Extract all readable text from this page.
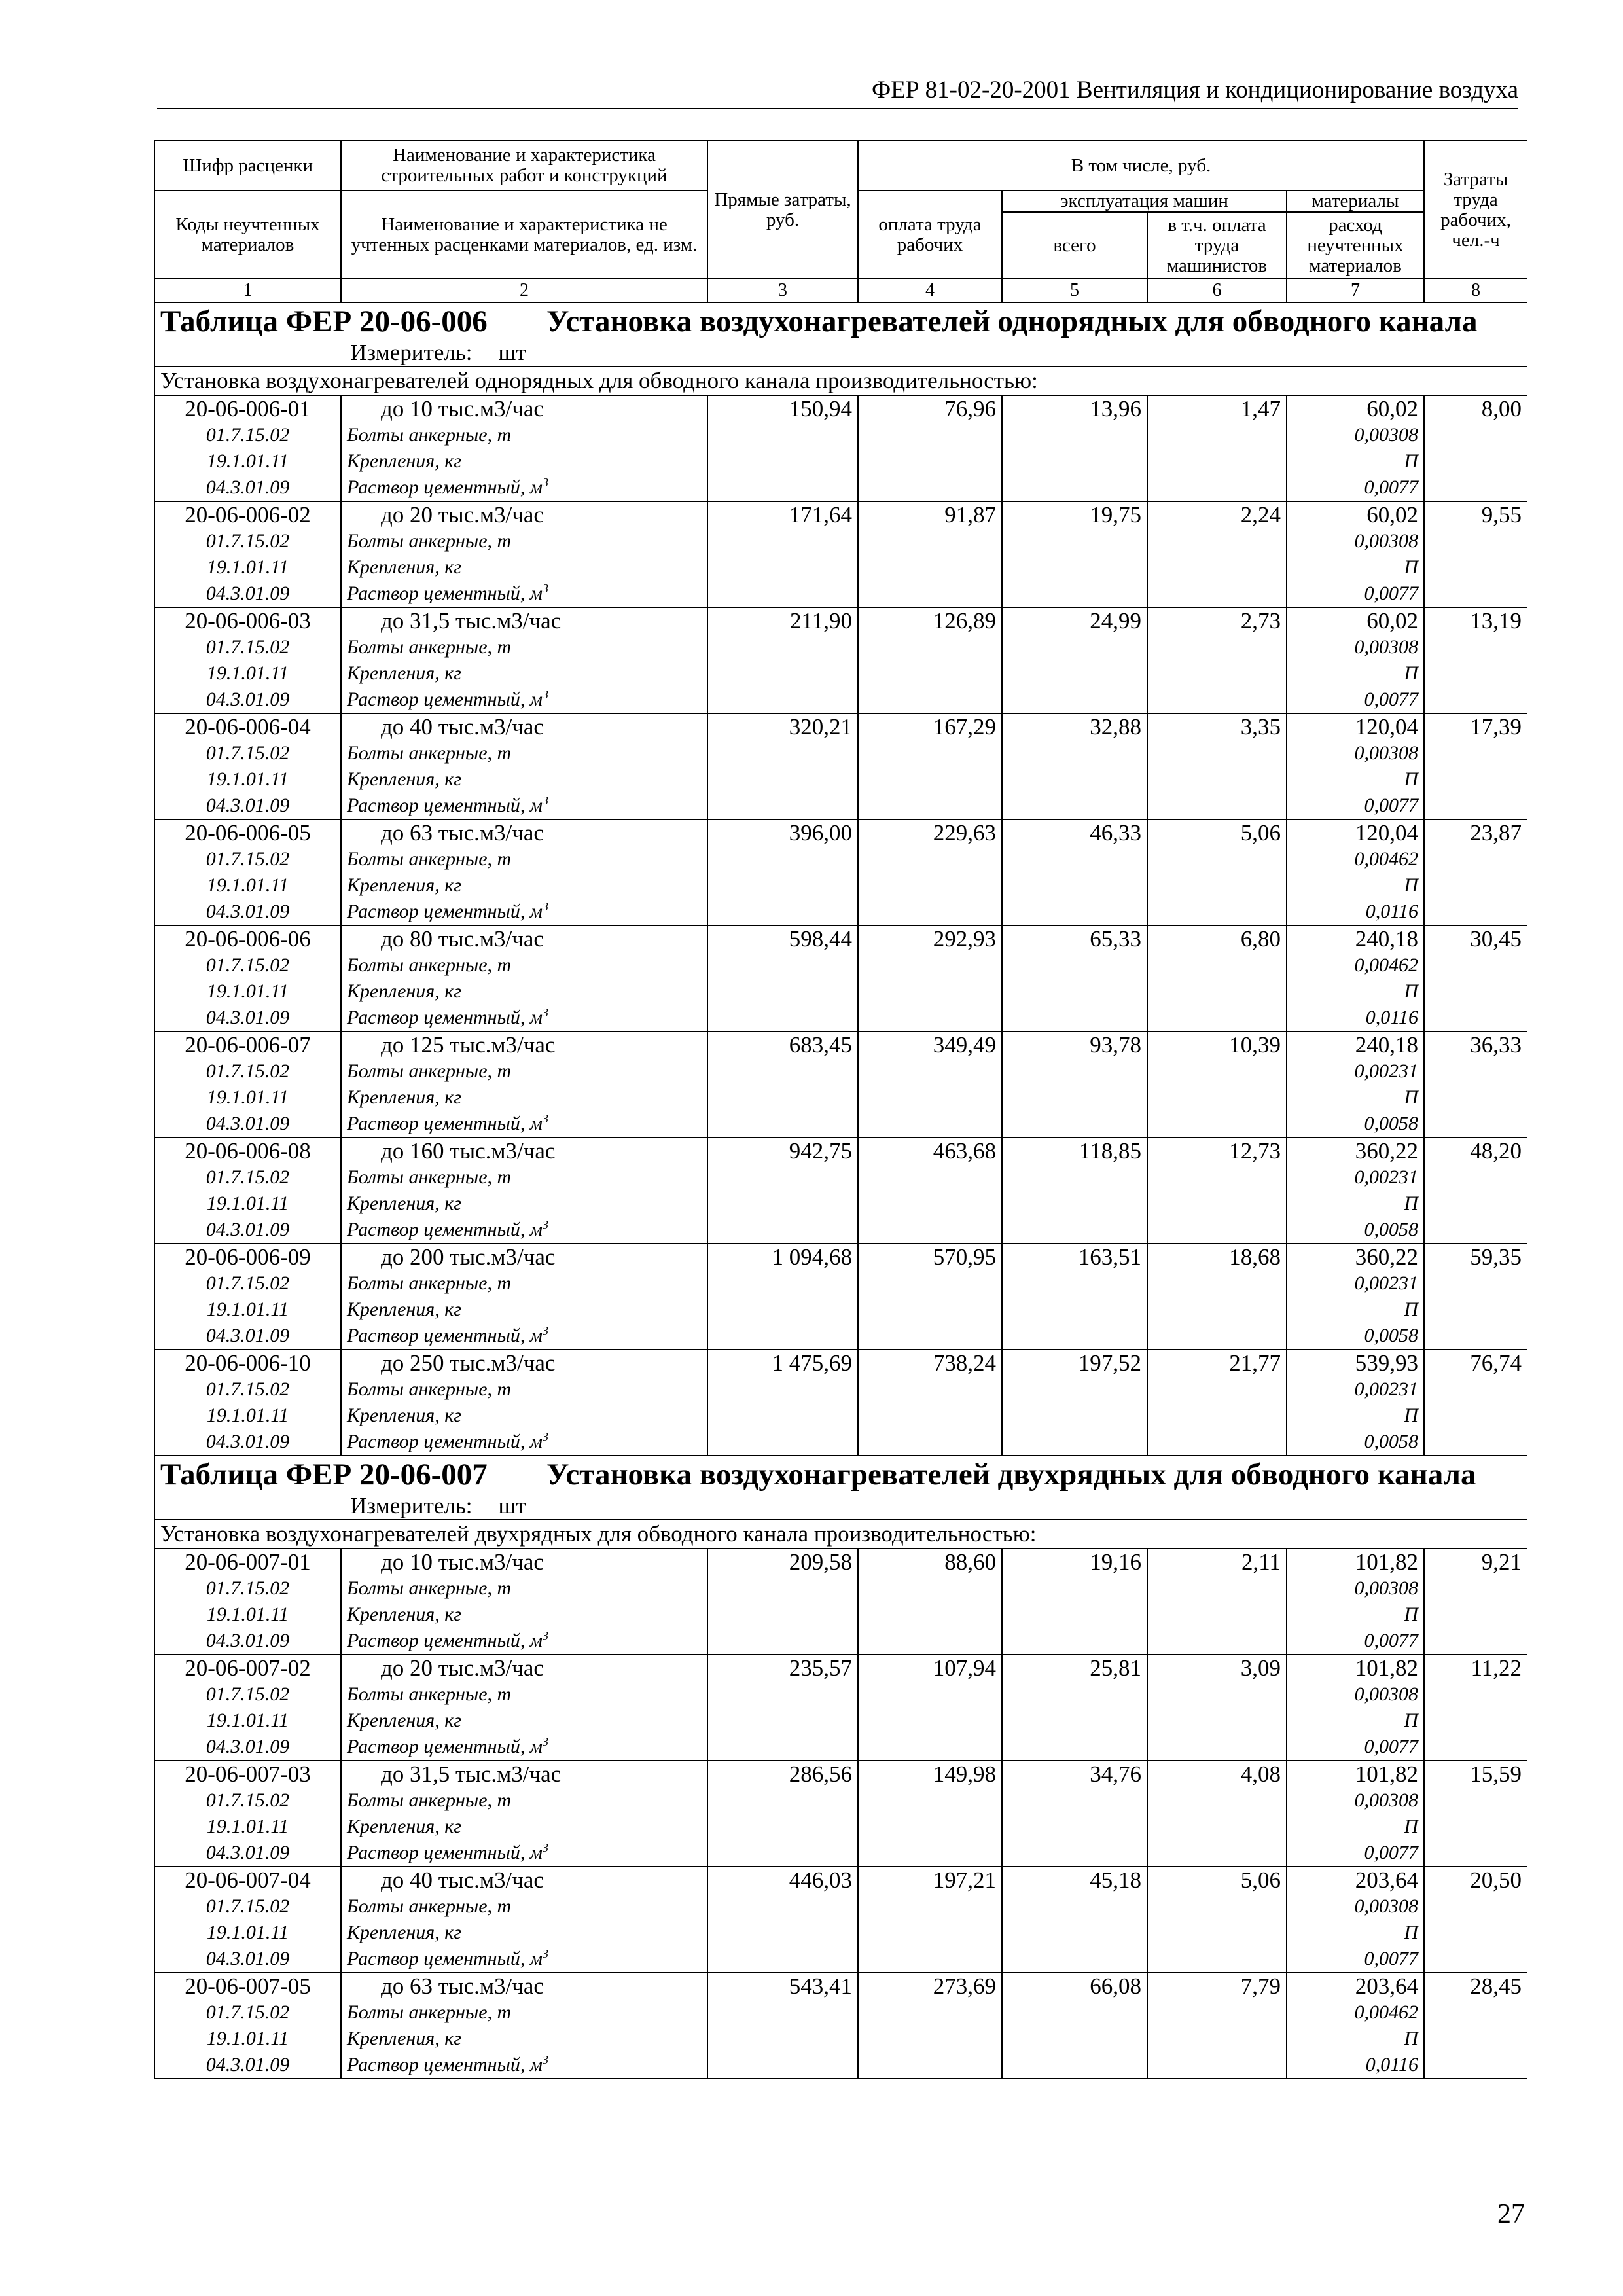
ФЕР 81-02-20-2001 Вентиляция и кондиционирование воздуха
Шифр расценки	Наименование и характеристика строительных работ и конструкций	Прямые затраты, руб.	В том числе, руб.				Затраты труда рабочих, чел.-ч
Коды неучтенных материалов	Наименование и характеристика не учтенных расценками материалов, ед. изм.		оплата труда рабочих	эксплуатация машин		материалы	
				всего	в т.ч. оплата труда машинистов	расход неучтенных материалов	
1	2	3	4	5	6	7	8

Таблица ФЕР 20-06-006 Установка воздухонагревателей однорядных для обводного канала
Измеритель: шт							

Установка воздухонагревателей однорядных для обводного канала производительностью:							
20-06-006-01	до 10 тыс.м3/час	150,94	76,96	13,96	1,47	60,02	8,00
01.7.15.02	Болты анкерные, т					0,00308	
19.1.01.11	Крепления, кг					П	
04.3.01.09	Раствор цементный, $м^3$					0,0077	
20-06-006-02	до 20 тыс.м3/час	171,64	91,87	19,75	2,24	60,02	9,55
01.7.15.02	Болты анкерные, т					0,00308	
19.1.01.11	Крепления, кг					П	
04.3.01.09	Раствор цементный, $м^3$					0,0077	
20-06-006-03	до 31,5 тыс.м3/час	211,90	126,89	24,99	2,73	60,02	13,19
01.7.15.02	Болты анкерные, т					0,00308	
19.1.01.11	Крепления, кг					П	
04.3.01.09	Раствор цементный, $м^3$					0,0077	
20-06-006-04	до 40 тыс.м3/час	320,21	167,29	32,88	3,35	120,04	17,39
01.7.15.02	Болты анкерные, т					0,00308	
19.1.01.11	Крепления, кг					П	
04.3.01.09	Раствор цементный, $м^3$					0,0077	
20-06-006-05	до 63 тыс.м3/час	396,00	229,63	46,33	5,06	120,04	23,87
01.7.15.02	Болты анкерные, т					0,00462	
19.1.01.11	Крепления, кг					П	
04.3.01.09	Раствор цементный, $м^3$					0,0116	
20-06-006-06	до 80 тыс.м3/час	598,44	292,93	65,33	6,80	240,18	30,45
01.7.15.02	Болты анкерные, т					0,00462	
19.1.01.11	Крепления, кг					П	
04.3.01.09	Раствор цементный, $м^3$					0,0116	
20-06-006-07	до 125 тыс.м3/час	683,45	349,49	93,78	10,39	240,18	36,33
01.7.15.02	Болты анкерные, т					0,00231	
19.1.01.11	Крепления, кг					П	
04.3.01.09	Раствор цементный, $м^3$					0,0058	
20-06-006-08	до 160 тыс.м3/час	942,75	463,68	118,85	12,73	360,22	48,20
01.7.15.02	Болты анкерные, т					0,00231	
19.1.01.11	Крепления, кг					П	
04.3.01.09	Раствор цементный, $м^3$					0,0058	
20-06-006-09	до 200 тыс.м3/час	1 094,68	570,95	163,51	18,68	360,22	59,35
01.7.15.02	Болты анкерные, т					0,00231	
19.1.01.11	Крепления, кг					П	
04.3.01.09	Раствор цементный, $м^3$					0,0058	
20-06-006-10	до 250 тыс.м3/час	1 475,69	738,24	197,52	21,77	539,93	76,74
01.7.15.02	Болты анкерные, т					0,00231	
19.1.01.11	Крепления, кг					П	
04.3.01.09	Раствор цементный, $м^3$					0,0058	

Таблица ФЕР 20-06-007 Установка воздухонагревателей двухрядных для обводного канала
Измеритель: шт							

Установка воздухонагревателей двухрядных для обводного канала производительностью:							
20-06-007-01	до 10 тыс.м3/час	209,58	88,60	19,16	2,11	101,82	9,21
01.7.15.02	Болты анкерные, т					0,00308	
19.1.01.11	Крепления, кг					П	
04.3.01.09	Раствор цементный, $м^3$					0,0077	
20-06-007-02	до 20 тыс.м3/час	235,57	107,94	25,81	3,09	101,82	11,22
01.7.15.02	Болты анкерные, т					0,00308	
19.1.01.11	Крепления, кг					П	
04.3.01.09	Раствор цементный, $м^3$					0,0077	
20-06-007-03	до 31,5 тыс.м3/час	286,56	149,98	34,76	4,08	101,82	15,59
01.7.15.02	Болты анкерные, т					0,00308	
19.1.01.11	Крепления, кг					П	
04.3.01.09	Раствор цементный, $м^3$					0,0077	
20-06-007-04	до 40 тыс.м3/час	446,03	197,21	45,18	5,06	203,64	20,50
01.7.15.02	Болты анкерные, т					0,00308	
19.1.01.11	Крепления, кг					П	
04.3.01.09	Раствор цементный, $м^3$					0,0077	
20-06-007-05	до 63 тыс.м3/час	543,41	273,69	66,08	7,79	203,64	28,45
01.7.15.02	Болты анкерные, т					0,00462	
19.1.01.11	Крепления, кг					П	
04.3.01.09	Раствор цементный, $м^3$					0,0116	
27
